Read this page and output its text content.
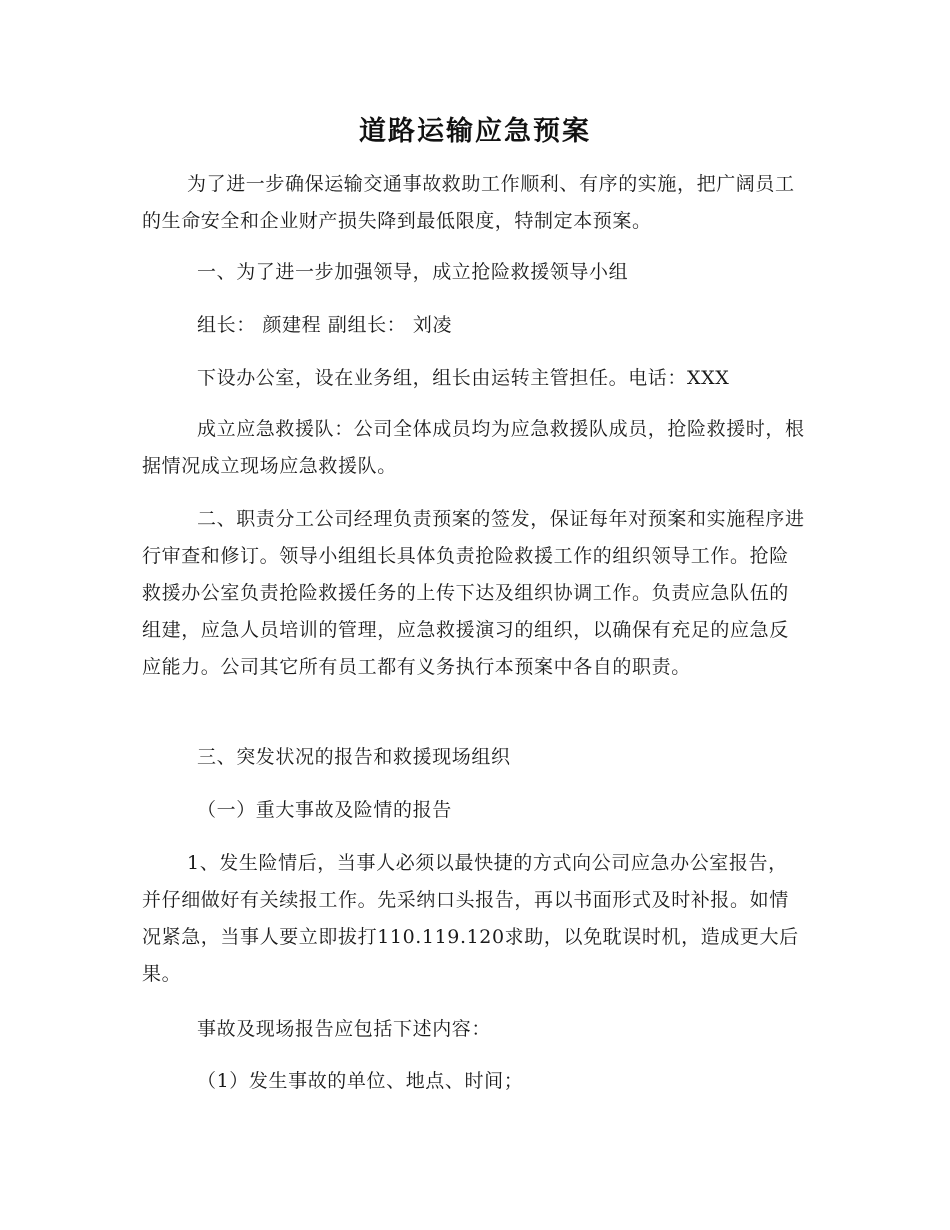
道路运输应急预案

为了进一步确保运输交通事故救助工作顺利、有序的实施，把广阔员工的生命安全和企业财产损失降到最低限度，特制定本预案。

一、为了进一步加强领导，成立抢险救援领导小组

组长： 颜建程 副组长： 刘凌

下设办公室，设在业务组，组长由运转主管担任。电话：XXX

成立应急救援队：公司全体成员均为应急救援队成员，抢险救援时，根据情况成立现场应急救援队。

二、职责分工公司经理负责预案的签发，保证每年对预案和实施程序进行审查和修订。领导小组组长具体负责抢险救援工作的组织领导工作。抢险救援办公室负责抢险救援任务的上传下达及组织协调工作。负责应急队伍的组建，应急人员培训的管理，应急救援演习的组织，以确保有充足的应急反应能力。公司其它所有员工都有义务执行本预案中各自的职责。

三、突发状况的报告和救援现场组织

（一）重大事故及险情的报告

1、发生险情后，当事人必须以最快捷的方式向公司应急办公室报告，并仔细做好有关续报工作。先采纳口头报告，再以书面形式及时补报。如情况紧急，当事人要立即拔打110.119.120求助，以免耽误时机，造成更大后果。

事故及现场报告应包括下述内容：

（1）发生事故的单位、地点、时间；
